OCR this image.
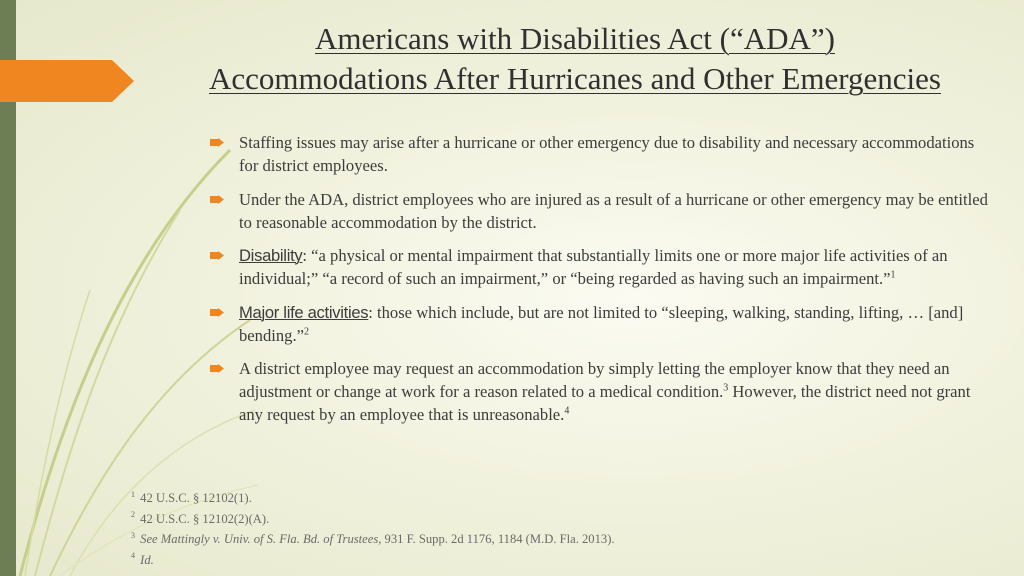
Americans with Disabilities Act (“ADA”)
Accommodations After Hurricanes and Other Emergencies
Staffing issues may arise after a hurricane or other emergency due to disability and necessary accommodations for district employees.
Under the ADA, district employees who are injured as a result of a hurricane or other emergency may be entitled to reasonable accommodation by the district.
Disability: “a physical or mental impairment that substantially limits one or more major life activities of an individual;” “a record of such an impairment,” or “being regarded as having such an impairment.”$^1$
Major life activities: those which include, but are not limited to “sleeping, walking, standing, lifting, … [and] bending.”$^2$
A district employee may request an accommodation by simply letting the employer know that they need an adjustment or change at work for a reason related to a medical condition.$^3$ However, the district need not grant any request by an employee that is unreasonable.$^4$
$^1$ 42 U.S.C. § 12102(1).
$^2$ 42 U.S.C. § 12102(2)(A).
$^3$ See Mattingly v. Univ. of S. Fla. Bd. of Trustees, 931 F. Supp. 2d 1176, 1184 (M.D. Fla. 2013).
$^4$ Id.
